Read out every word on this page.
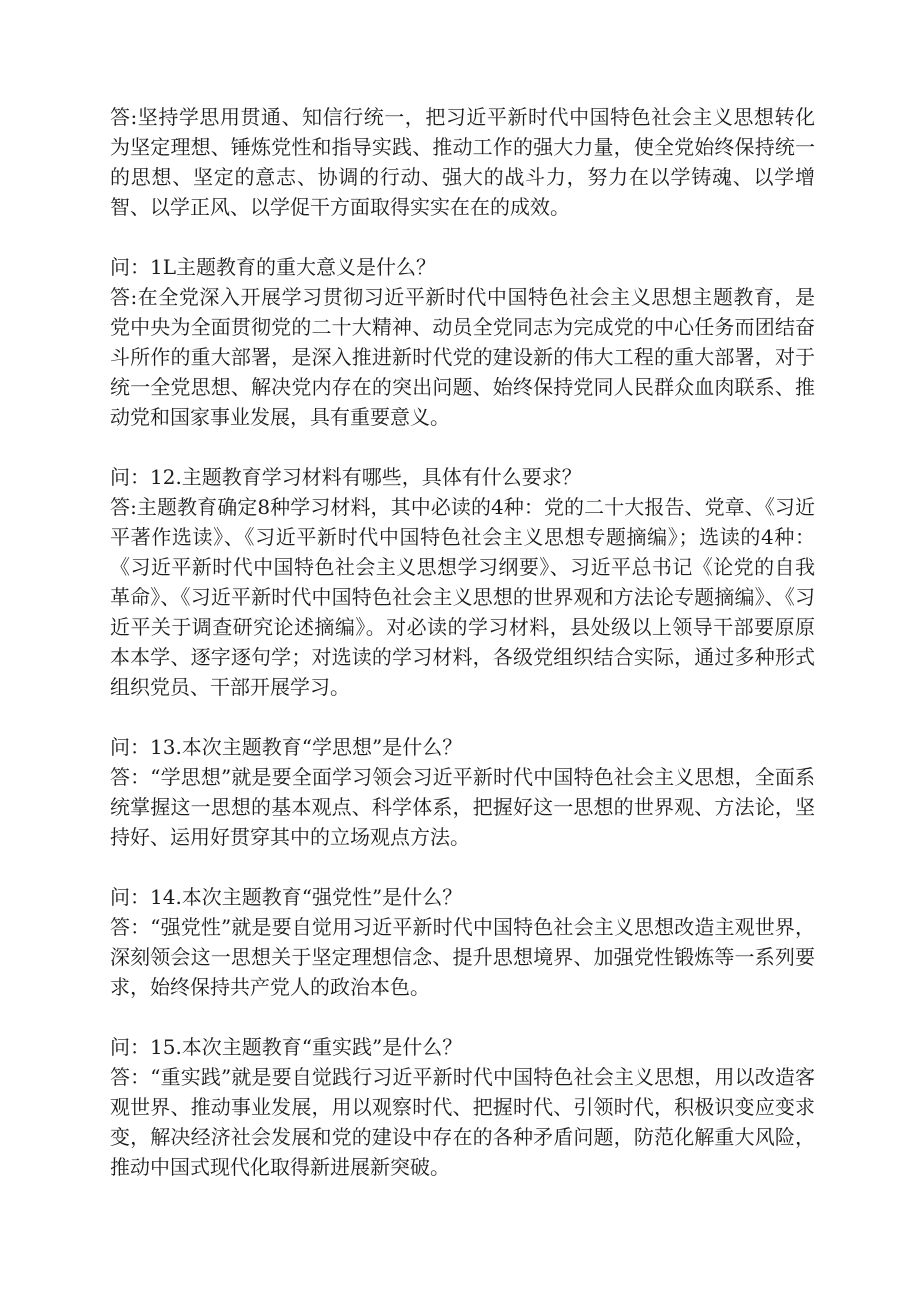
答:坚持学思用贯通、知信行统一，把习近平新时代中国特色社会主义思想转化为坚定理想、锤炼党性和指导实践、推动工作的强大力量，使全党始终保持统一的思想、坚定的意志、协调的行动、强大的战斗力，努力在以学铸魂、以学增智、以学正风、以学促干方面取得实实在在的成效。

问：1L主题教育的重大意义是什么？

答:在全党深入开展学习贯彻习近平新时代中国特色社会主义思想主题教育，是党中央为全面贯彻党的二十大精神、动员全党同志为完成党的中心任务而团结奋斗所作的重大部署，是深入推进新时代党的建设新的伟大工程的重大部署，对于统一全党思想、解决党内存在的突出问题、始终保持党同人民群众血肉联系、推动党和国家事业发展，具有重要意义。

问：12.主题教育学习材料有哪些，具体有什么要求？

答:主题教育确定8种学习材料，其中必读的4种：党的二十大报告、党章、《习近平著作选读》、《习近平新时代中国特色社会主义思想专题摘编》；选读的4种：《习近平新时代中国特色社会主义思想学习纲要》、习近平总书记《论党的自我革命》、《习近平新时代中国特色社会主义思想的世界观和方法论专题摘编》、《习近平关于调查研究论述摘编》。对必读的学习材料，县处级以上领导干部要原原本本学、逐字逐句学；对选读的学习材料，各级党组织结合实际，通过多种形式组织党员、干部开展学习。

问：13.本次主题教育“学思想”是什么？

答：“学思想”就是要全面学习领会习近平新时代中国特色社会主义思想，全面系统掌握这一思想的基本观点、科学体系，把握好这一思想的世界观、方法论，坚持好、运用好贯穿其中的立场观点方法。

问：14.本次主题教育“强党性”是什么？

答：“强党性”就是要自觉用习近平新时代中国特色社会主义思想改造主观世界，深刻领会这一思想关于坚定理想信念、提升思想境界、加强党性锻炼等一系列要求，始终保持共产党人的政治本色。

问：15.本次主题教育“重实践”是什么？

答：“重实践”就是要自觉践行习近平新时代中国特色社会主义思想，用以改造客观世界、推动事业发展，用以观察时代、把握时代、引领时代，积极识变应变求变，解决经济社会发展和党的建设中存在的各种矛盾问题，防范化解重大风险，推动中国式现代化取得新进展新突破。
